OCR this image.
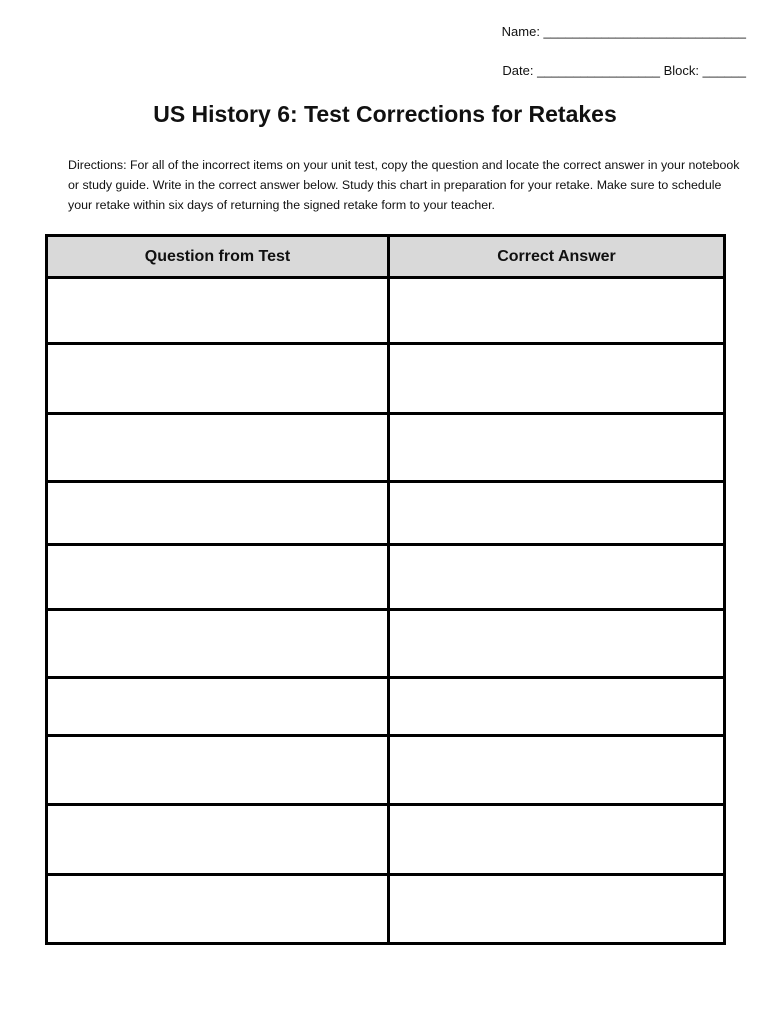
Name: ____________________________
Date: _________________ Block: ______
US History 6: Test Corrections for Retakes
Directions: For all of the incorrect items on your unit test, copy the question and locate the correct answer in your notebook or study guide. Write in the correct answer below. Study this chart in preparation for your retake. Make sure to schedule your retake within six days of returning the signed retake form to your teacher.
Question from Test	Correct Answer
